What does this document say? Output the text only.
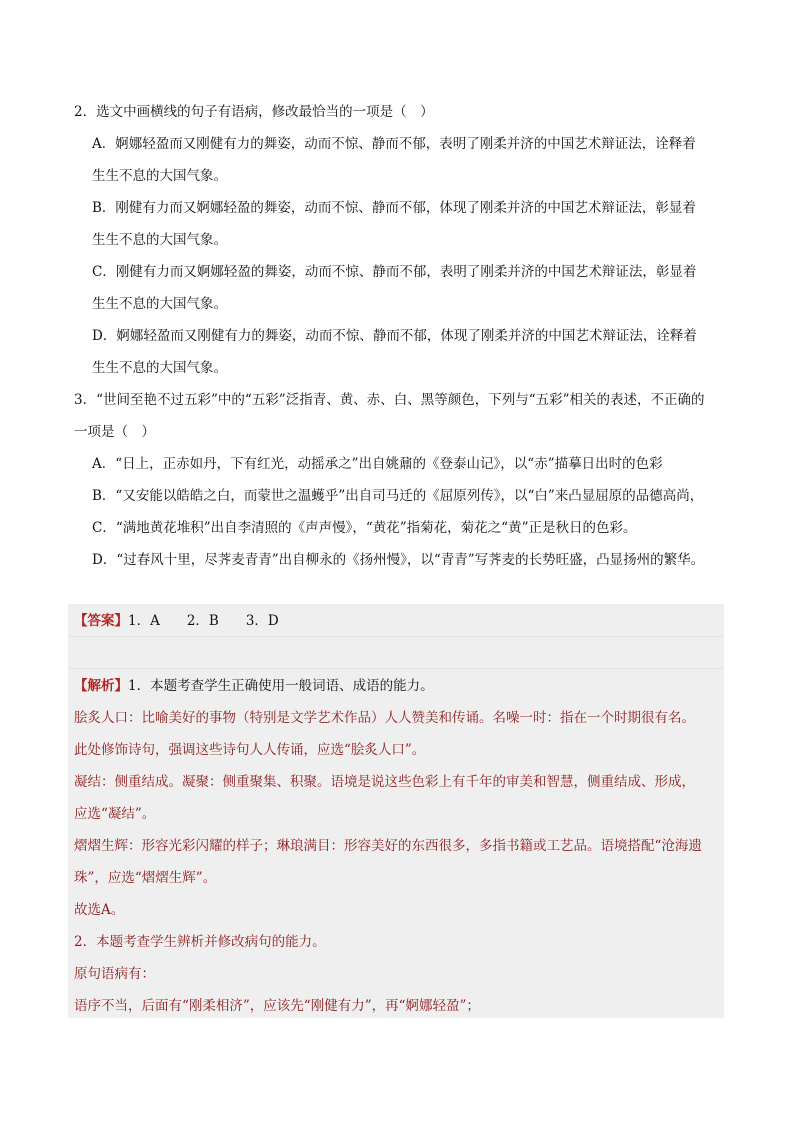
2．选文中画横线的句子有语病，修改最恰当的一项是（　）
A．婀娜轻盈而又刚健有力的舞姿，动而不惊、静而不郁，表明了刚柔并济的中国艺术辩证法，诠释着
生生不息的大国气象。
B．刚健有力而又婀娜轻盈的舞姿，动而不惊、静而不郁，体现了刚柔并济的中国艺术辩证法，彰显着
生生不息的大国气象。
C．刚健有力而又婀娜轻盈的舞姿，动而不惊、静而不郁，表明了刚柔并济的中国艺术辩证法，彰显着
生生不息的大国气象。
D．婀娜轻盈而又刚健有力的舞姿，动而不惊、静而不郁，体现了刚柔并济的中国艺术辩证法，诠释着
生生不息的大国气象。
3．“世间至艳不过五彩”中的“五彩”泛指青、黄、赤、白、黑等颜色，下列与“五彩”相关的表述，不正确的
一项是（　）
A．“日上，正赤如丹，下有红光，动摇承之”出自姚鼐的《登泰山记》，以“赤”描摹日出时的色彩
B．“又安能以皓皓之白，而蒙世之温蠖乎”出自司马迁的《屈原列传》，以“白”来凸显屈原的品德高尚，
C．“满地黄花堆积”出自李清照的《声声慢》，“黄花”指菊花，菊花之“黄”正是秋日的色彩。
D．“过春风十里，尽荠麦青青”出自柳永的《扬州慢》，以“青青”写荠麦的长势旺盛，凸显扬州的繁华。
【答案】1．A　　2．B　　3．D
【解析】1．本题考查学生正确使用一般词语、成语的能力。
脍炙人口：比喻美好的事物（特别是文学艺术作品）人人赞美和传诵。名噪一时：指在一个时期很有名。
此处修饰诗句，强调这些诗句人人传诵，应选“脍炙人口”。
凝结：侧重结成。凝聚：侧重聚集、积聚。语境是说这些色彩上有千年的审美和智慧，侧重结成、形成，
应选“凝结”。
熠熠生辉：形容光彩闪耀的样子；琳琅满目：形容美好的东西很多，多指书籍或工艺品。语境搭配“沧海遗
珠”，应选“熠熠生辉”。
故选A。
2．本题考查学生辨析并修改病句的能力。
原句语病有：
语序不当，后面有“刚柔相济”，应该先“刚健有力”，再“婀娜轻盈”；
